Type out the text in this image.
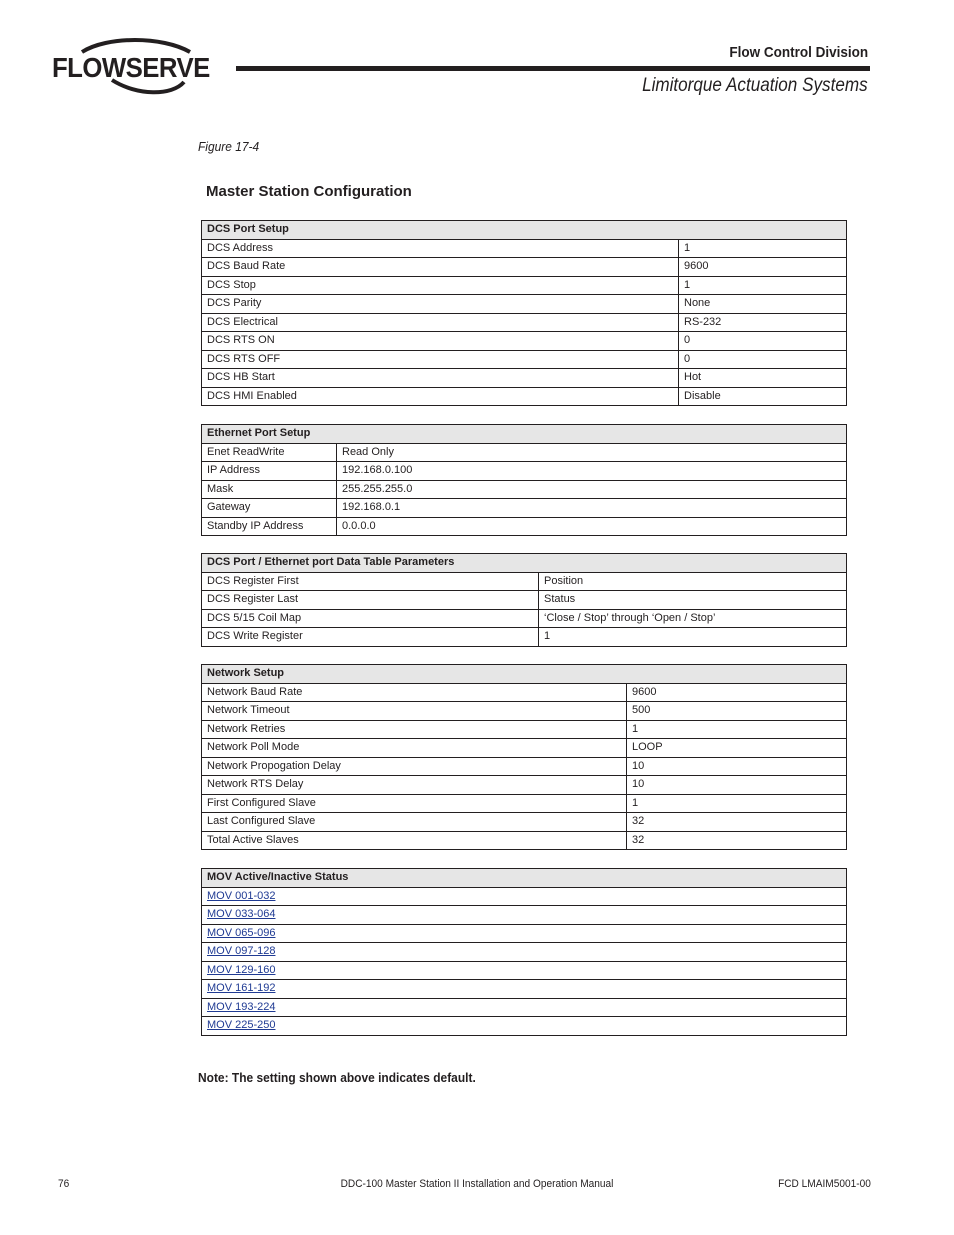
FLOWSERVE	Flow Control Division
Limitorque Actuation Systems
Figure 17-4
Master Station Configuration
DCS Port Setup	
DCS Address	1
DCS Baud Rate	9600
DCS Stop	1
DCS Parity	None
DCS Electrical	RS-232
DCS RTS ON	0
DCS RTS OFF	0
DCS HB Start	Hot
DCS HMI Enabled	Disable
Ethernet Port Setup	
Enet ReadWrite	Read Only
IP Address	192.168.0.100
Mask	255.255.255.0
Gateway	192.168.0.1
Standby IP Address	0.0.0.0
DCS Port / Ethernet port Data Table Parameters	
DCS Register First	Position
DCS Register Last	Status
DCS 5/15 Coil Map	‘Close / Stop’ through ‘Open / Stop’
DCS Write Register	1
Network Setup	
Network Baud Rate	9600
Network Timeout	500
Network Retries	1
Network Poll Mode	LOOP
Network Propogation Delay	10
Network RTS Delay	10
First Configured Slave	1
Last Configured Slave	32
Total Active Slaves	32
MOV Active/Inactive Status
MOV 001-032
MOV 033-064
MOV 065-096
MOV 097-128
MOV 129-160
MOV 161-192
MOV 193-224
MOV 225-250
Note: The setting shown above indicates default.
76	DDC-100 Master Station II Installation and Operation Manual	FCD LMAIM5001-00
